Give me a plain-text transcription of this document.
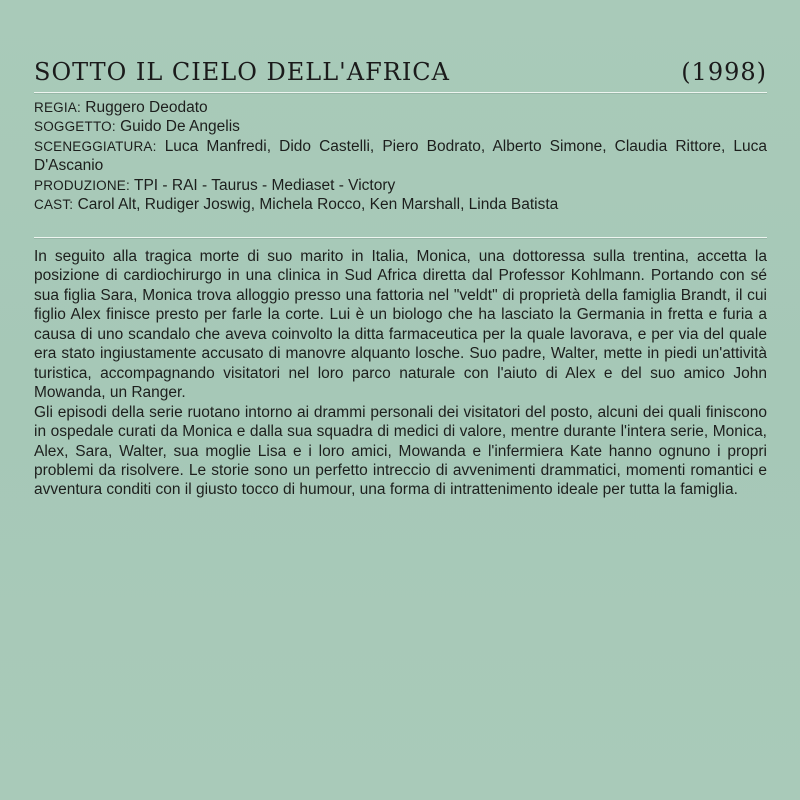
SOTTO IL CIELO DELL'AFRICA	(1998)
REGIA: Ruggero Deodato
SOGGETTO: Guido De Angelis
SCENEGGIATURA: Luca Manfredi, Dido Castelli, Piero Bodrato, Alberto Simone, Claudia Rittore, Luca D'Ascanio
PRODUZIONE: TPI - RAI - Taurus - Mediaset - Victory
CAST: Carol Alt, Rudiger Joswig, Michela Rocco, Ken Marshall, Linda Batista

In seguito alla tragica morte di suo marito in Italia, Monica, una dottoressa sulla trentina, accetta la posizione di cardiochirurgo in una clinica in Sud Africa diretta dal Professor Kohlmann. Portando con sé sua figlia Sara, Monica trova alloggio presso una fattoria nel "veldt" di proprietà della famiglia Brandt, il cui figlio Alex finisce presto per farle la corte. Lui è un biologo che ha lasciato la Germania in fretta e furia a causa di uno scandalo che aveva coinvolto la ditta farmaceutica per la quale lavorava, e per via del quale era stato ingiustamente accusato di manovre alquanto losche. Suo padre, Walter, mette in piedi un'attività turistica, accompagnando visitatori nel loro parco naturale con l'aiuto di Alex e del suo amico John Mowanda, un Ranger.

Gli episodi della serie ruotano intorno ai drammi personali dei visitatori del posto, alcuni dei quali finiscono in ospedale curati da Monica e dalla sua squadra di medici di valore, mentre durante l'intera serie, Monica, Alex, Sara, Walter, sua moglie Lisa e i loro amici, Mowanda e l'infermiera Kate hanno ognuno i propri problemi da risolvere. Le storie sono un perfetto intreccio di avvenimenti drammatici, momenti romantici e avventura conditi con il giusto tocco di humour, una forma di intrattenimento ideale per tutta la famiglia.
